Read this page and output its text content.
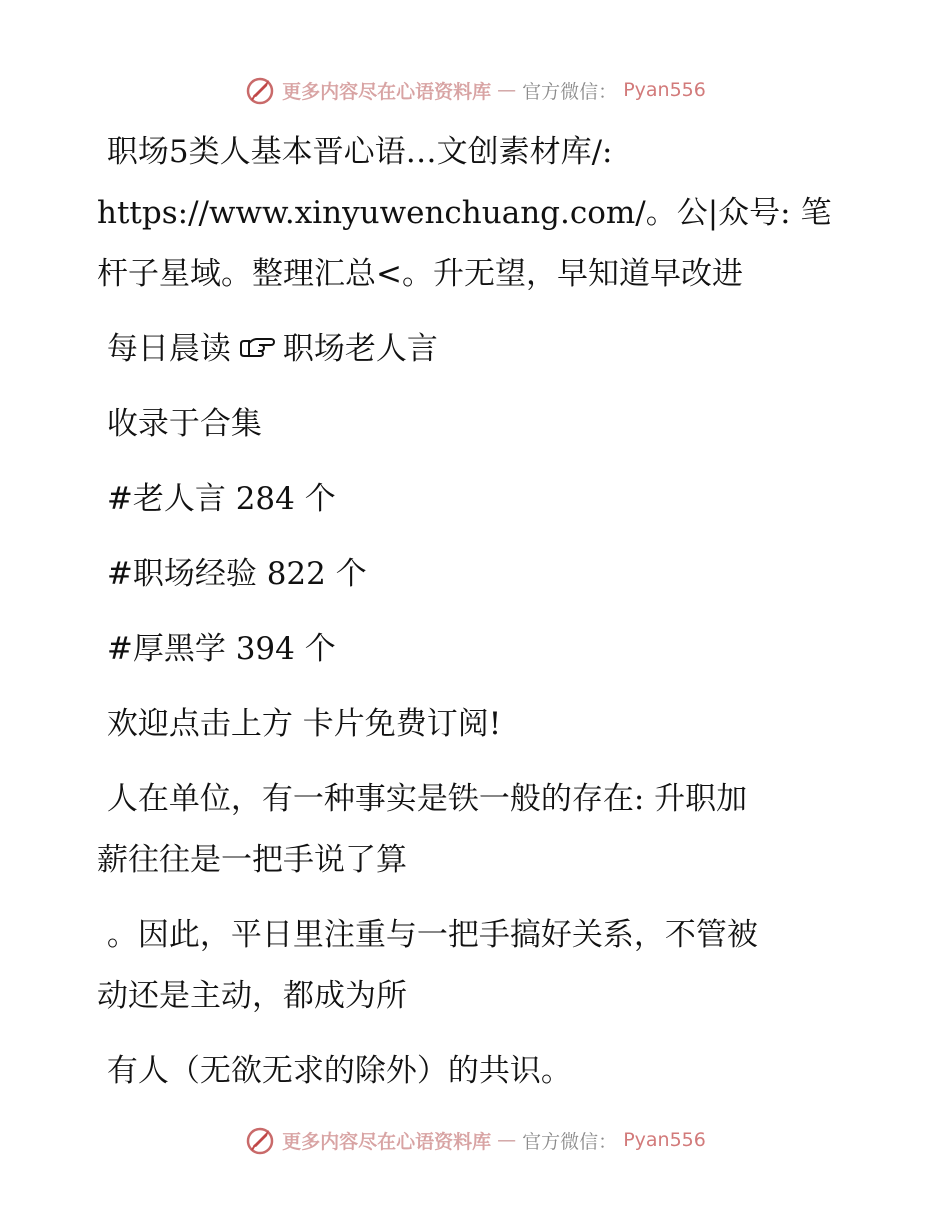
更多内容尽在心语资料库 — 官方微信： Pyan556

职场5类人基本晋心语…文创素材库/:
https://www.xinyuwenchuang.com/。公|众号: 笔
杆子星域。整理汇总<。升无望，早知道早改进

每日晨读 职场老人言

收录于合集

#老人言 284 个

#职场经验 822 个

#厚黑学 394 个

欢迎点击上方 卡片免费订阅!

人在单位，有一种事实是铁一般的存在: 升职加
薪往往是一把手说了算

。因此，平日里注重与一把手搞好关系，不管被
动还是主动，都成为所

有人（无欲无求的除外）的共识。

更多内容尽在心语资料库 — 官方微信： Pyan556
